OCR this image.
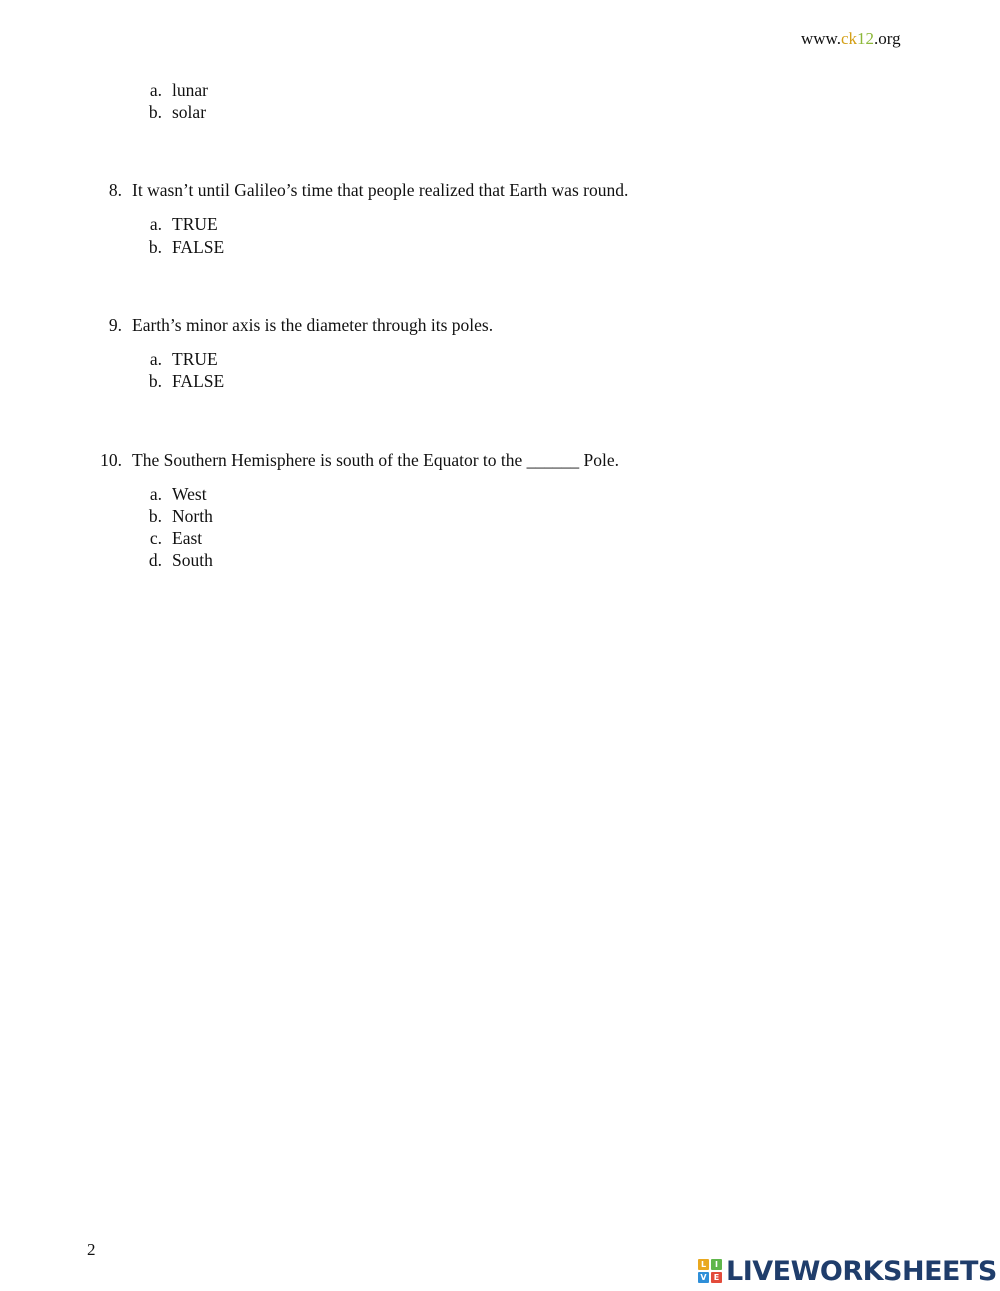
www.ck12.org
a. lunar
b. solar
8. It wasn’t until Galileo’s time that people realized that Earth was round.
a. TRUE
b. FALSE
9. Earth’s minor axis is the diameter through its poles.
a. TRUE
b. FALSE
10. The Southern Hemisphere is south of the Equator to the ______ Pole.
a. West
b. North
c. East
d. South
2
L	I
V E LIVEWORKSHEETS
